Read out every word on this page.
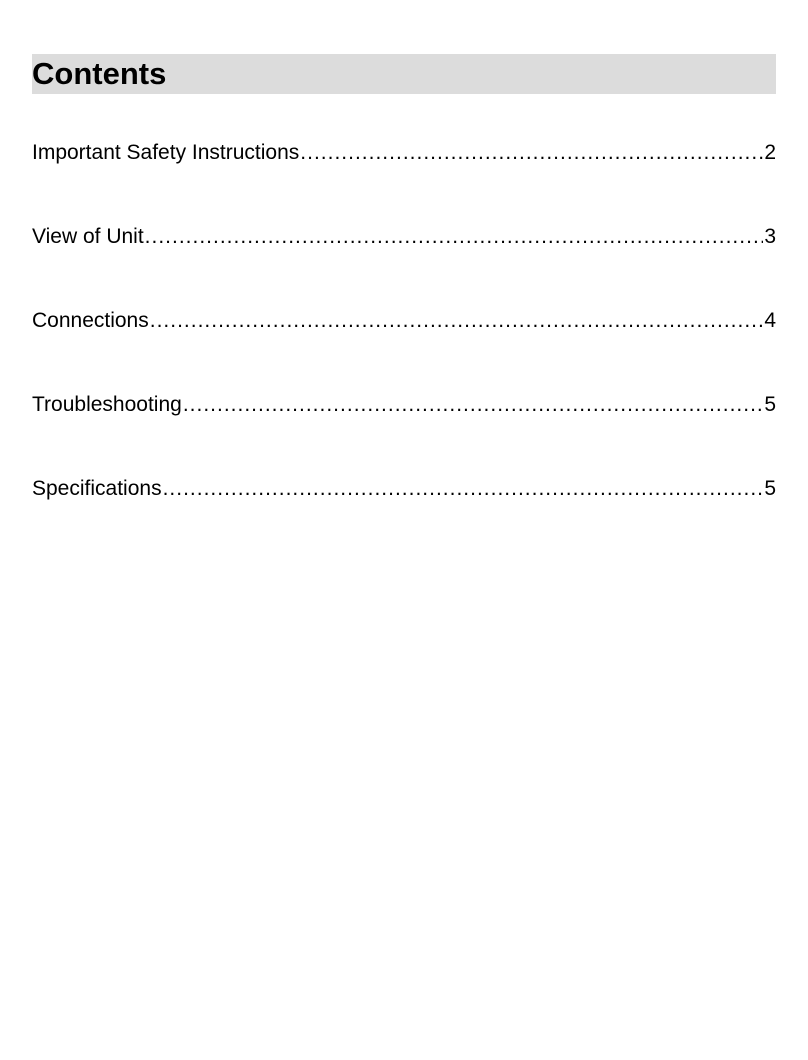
Contents
Important Safety Instructions .....	2
View of Unit .....	3
Connections .....	4
Troubleshooting .....	5
Specifications .....	5
